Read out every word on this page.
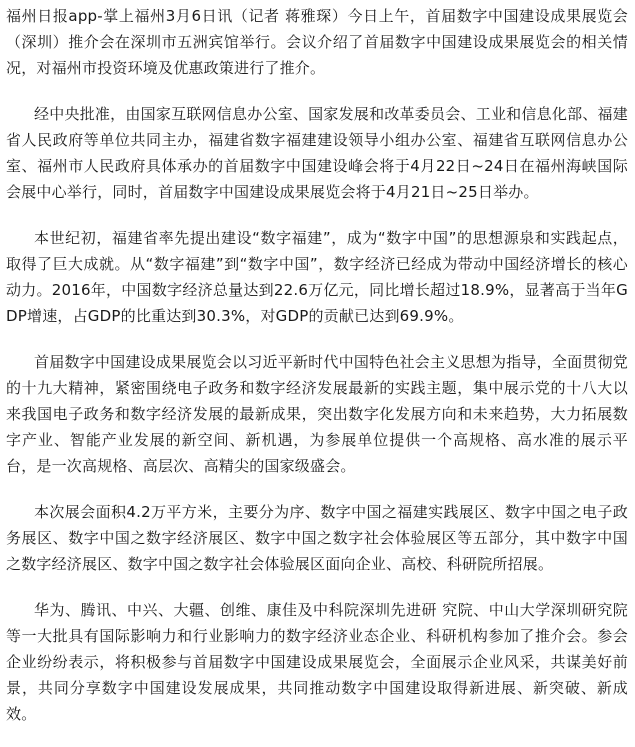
福州日报app-掌上福州3月6日讯（记者 蒋雅琛）今日上午，首届数字中国建设成果展览会（深圳）推介会在深圳市五洲宾馆举行。会议介绍了首届数字中国建设成果展览会的相关情况，对福州市投资环境及优惠政策进行了推介。

经中央批准，由国家互联网信息办公室、国家发展和改革委员会、工业和信息化部、福建省人民政府等单位共同主办，福建省数字福建建设领导小组办公室、福建省互联网信息办公室、福州市人民政府具体承办的首届数字中国建设峰会将于4月22日~24日在福州海峡国际会展中心举行，同时，首届数字中国建设成果展览会将于4月21日~25日举办。

本世纪初，福建省率先提出建设“数字福建”，成为“数字中国”的思想源泉和实践起点，取得了巨大成就。从“数字福建”到“数字中国”，数字经济已经成为带动中国经济增长的核心动力。2016年，中国数字经济总量达到22.6万亿元，同比增长超过18.9%，显著高于当年GDP增速，占GDP的比重达到30.3%，对GDP的贡献已达到69.9%。

首届数字中国建设成果展览会以习近平新时代中国特色社会主义思想为指导，全面贯彻党的十九大精神，紧密围绕电子政务和数字经济发展最新的实践主题，集中展示党的十八大以来我国电子政务和数字经济发展的最新成果，突出数字化发展方向和未来趋势，大力拓展数字产业、智能产业发展的新空间、新机遇，为参展单位提供一个高规格、高水准的展示平台，是一次高规格、高层次、高精尖的国家级盛会。

本次展会面积4.2万平方米，主要分为序、数字中国之福建实践展区、数字中国之电子政务展区、数字中国之数字经济展区、数字中国之数字社会体验展区等五部分，其中数字中国之数字经济展区、数字中国之数字社会体验展区面向企业、高校、科研院所招展。

华为、腾讯、中兴、大疆、创维、康佳及中科院深圳先进研 究院、中山大学深圳研究院等一大批具有国际影响力和行业影响力的数字经济业态企业、科研机构参加了推介会。参会企业纷纷表示，将积极参与首届数字中国建设成果展览会，全面展示企业风采，共谋美好前景，共同分享数字中国建设发展成果，共同推动数字中国建设取得新进展、新突破、新成效。
